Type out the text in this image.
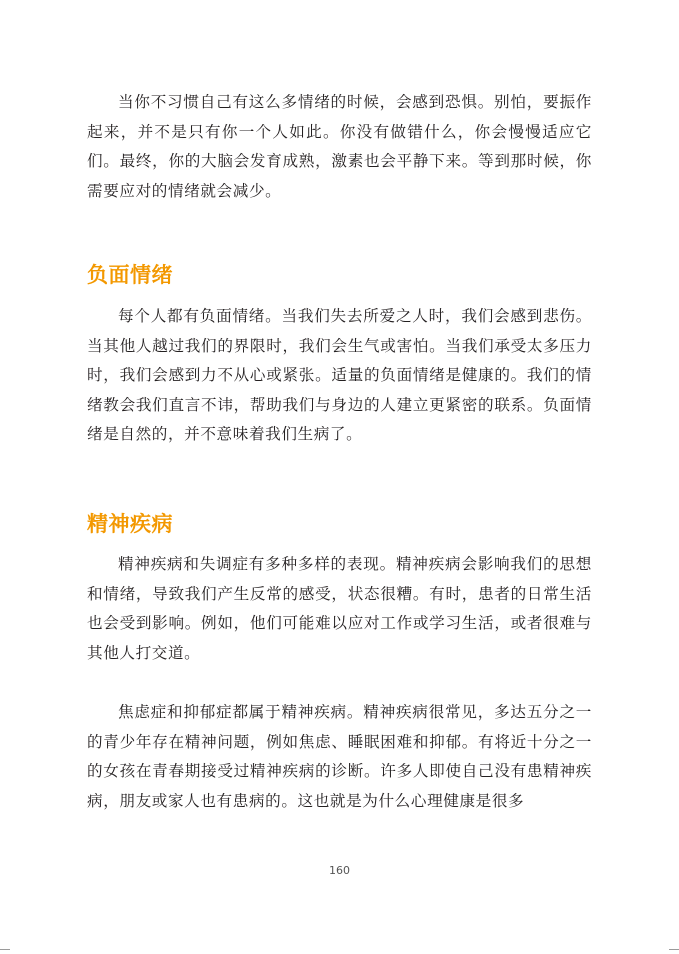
当你不习惯自己有这么多情绪的时候，会感到恐惧。别怕，要振作起来，并不是只有你一个人如此。你没有做错什么，你会慢慢适应它们。最终，你的大脑会发育成熟，激素也会平静下来。等到那时候，你需要应对的情绪就会减少。

负面情绪

每个人都有负面情绪。当我们失去所爱之人时，我们会感到悲伤。当其他人越过我们的界限时，我们会生气或害怕。当我们承受太多压力时，我们会感到力不从心或紧张。适量的负面情绪是健康的。我们的情绪教会我们直言不讳，帮助我们与身边的人建立更紧密的联系。负面情绪是自然的，并不意味着我们生病了。

精神疾病

精神疾病和失调症有多种多样的表现。精神疾病会影响我们的思想和情绪，导致我们产生反常的感受，状态很糟。有时，患者的日常生活也会受到影响。例如，他们可能难以应对工作或学习生活，或者很难与其他人打交道。

焦虑症和抑郁症都属于精神疾病。精神疾病很常见，多达五分之一的青少年存在精神问题，例如焦虑、睡眠困难和抑郁。有将近十分之一的女孩在青春期接受过精神疾病的诊断。许多人即使自己没有患精神疾病，朋友或家人也有患病的。这也就是为什么心理健康是很多

160
